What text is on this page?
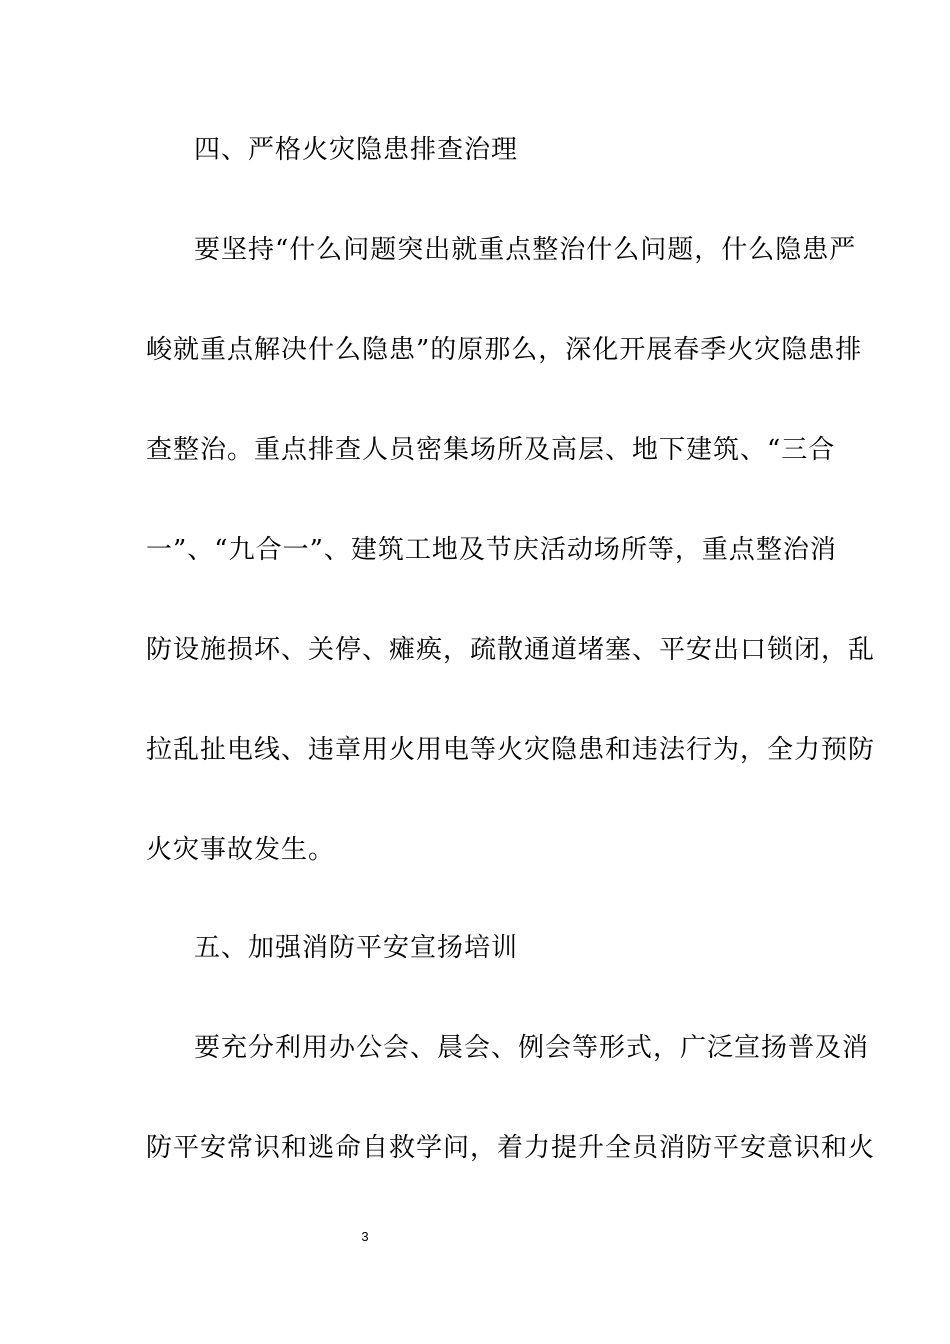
四、严格火灾隐患排查治理
要坚持“什么问题突出就重点整治什么问题，什么隐患严
峻就重点解决什么隐患”的原那么，深化开展春季火灾隐患排
查整治。重点排查人员密集场所及高层、地下建筑、“三合
一”、“九合一”、建筑工地及节庆活动场所等，重点整治消
防设施损坏、关停、瘫痪，疏散通道堵塞、平安出口锁闭，乱
拉乱扯电线、违章用火用电等火灾隐患和违法行为，全力预防
火灾事故发生。
五、加强消防平安宣扬培训
要充分利用办公会、晨会、例会等形式，广泛宣扬普及消
防平安常识和逃命自救学问，着力提升全员消防平安意识和火
3
